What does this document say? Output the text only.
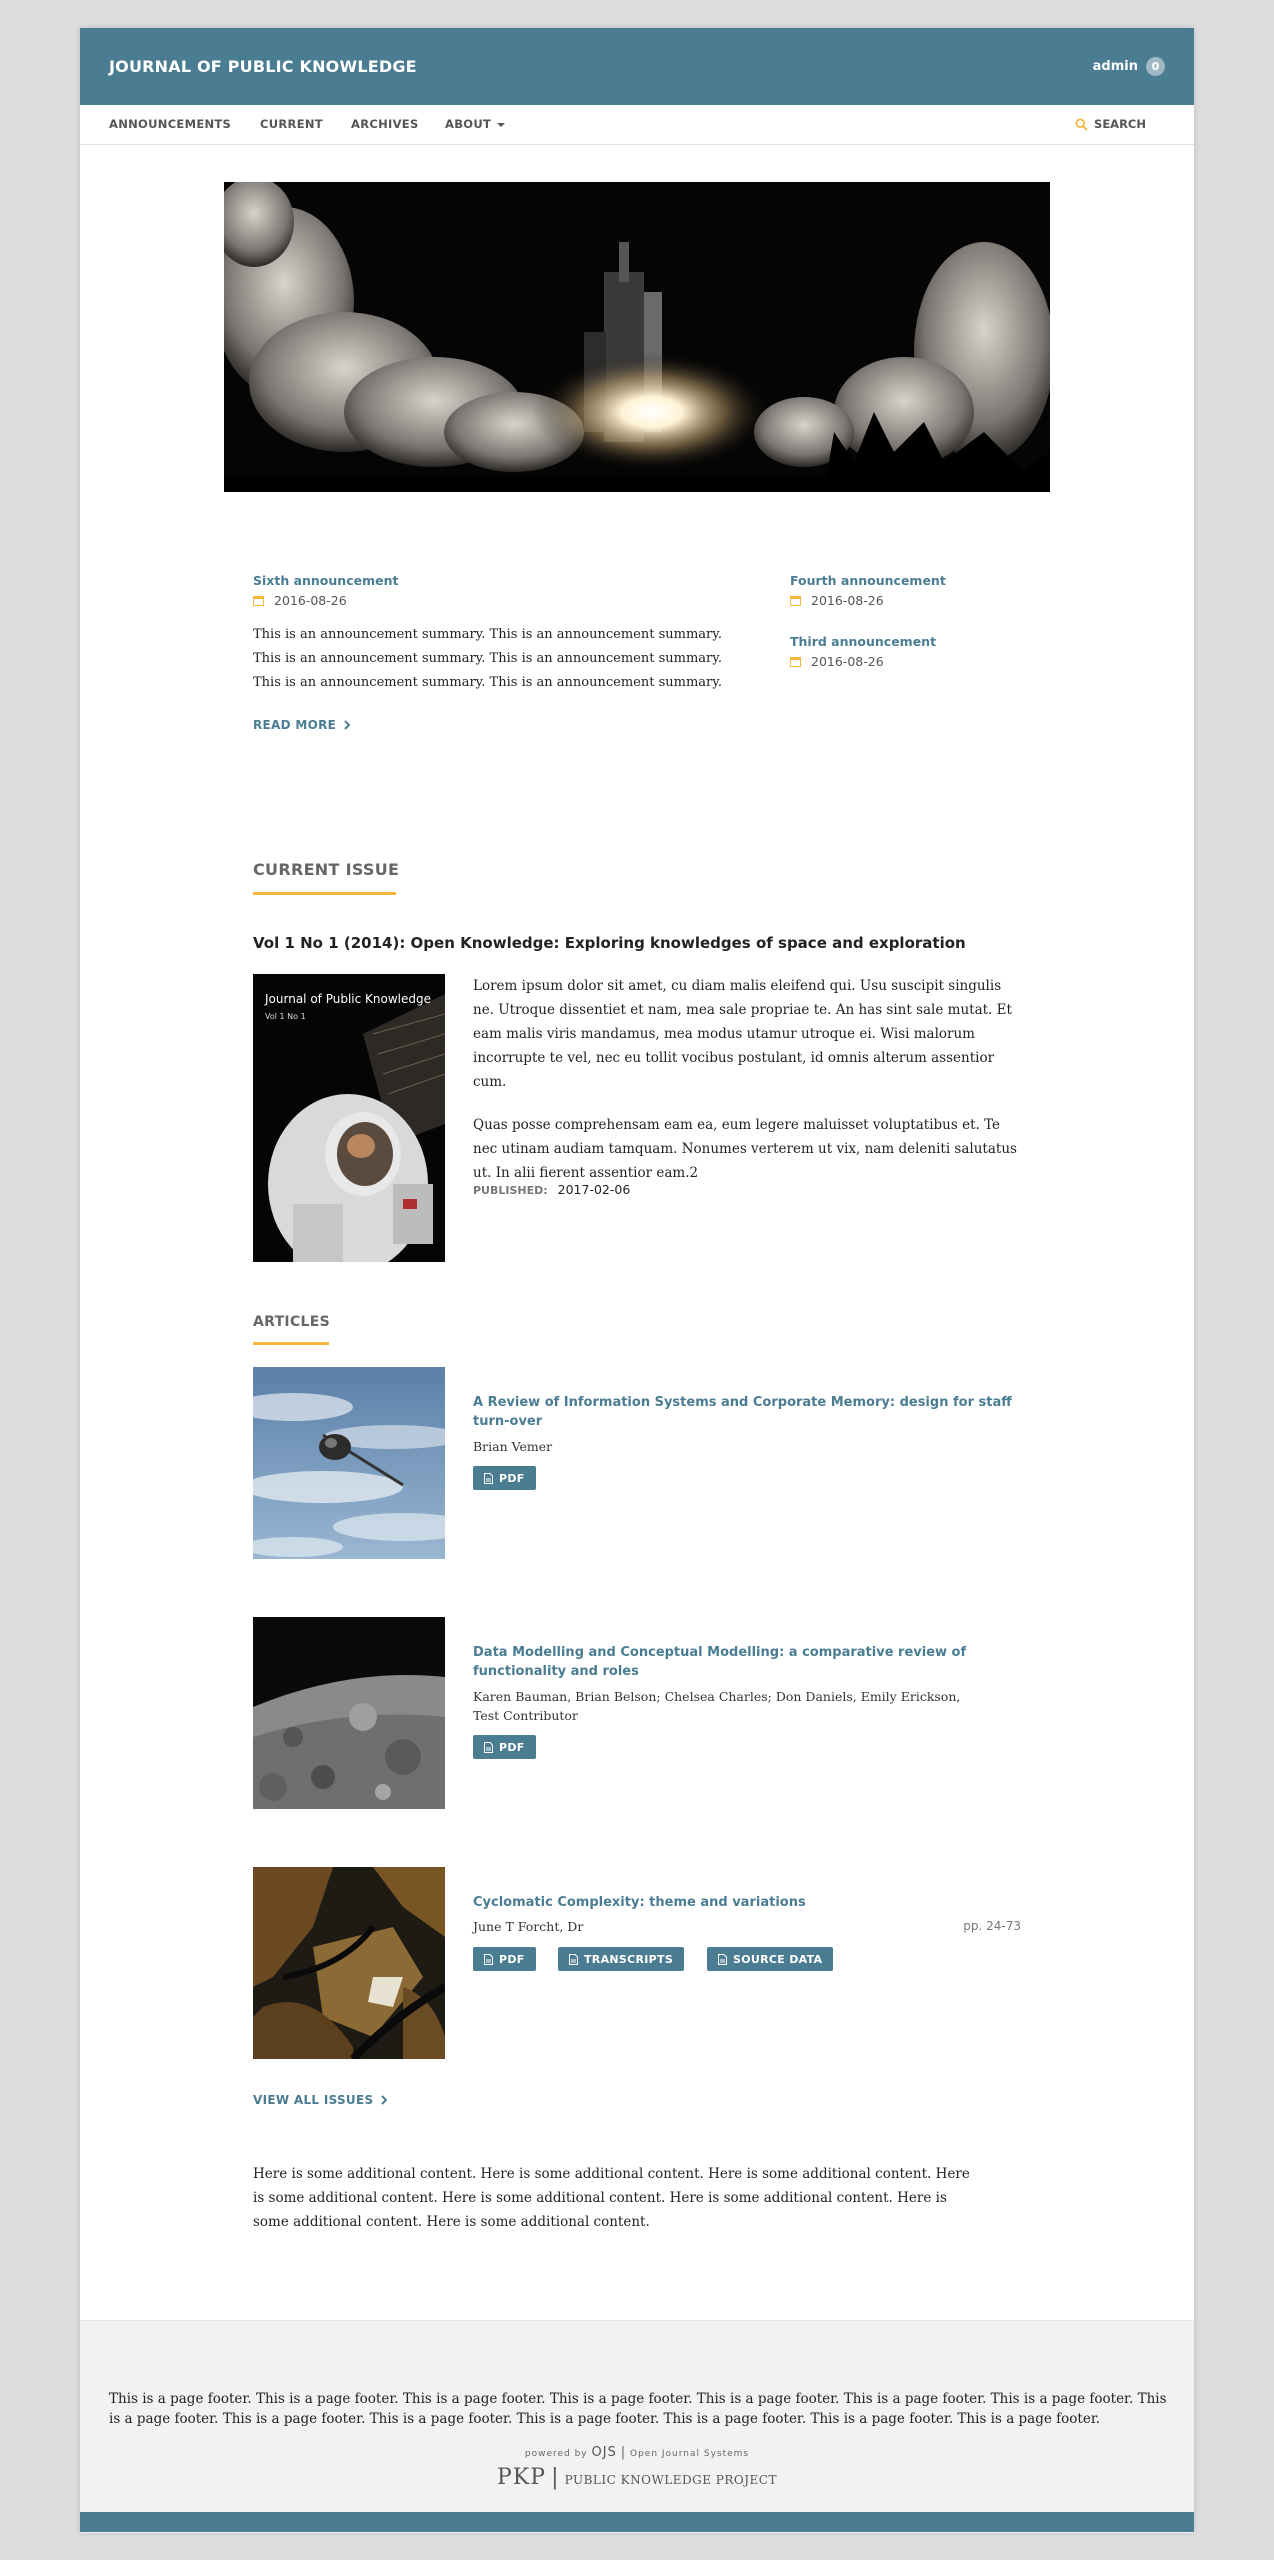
JOURNAL OF PUBLIC KNOWLEDGE	admin	0
ANNOUNCEMENTS	CURRENT ARCHIVES ABOUT	SEARCH
Sixth announcement
2016-08-26
This is an announcement summary. This is an announcement summary. This is an announcement summary. This is an announcement summary. This is an announcement summary. This is an announcement summary.
READ MORE
Fourth announcement
2016-08-26
Third announcement
2016-08-26
CURRENT ISSUE
Vol 1 No 1 (2014): Open Knowledge: Exploring knowledges of space and exploration
Journal of Public Knowledge
Vol 1 No 1

Lorem ipsum dolor sit amet, cu diam malis eleifend qui. Usu suscipit singulis ne. Utroque dissentiet et nam, mea sale propriae te. An has sint sale mutat. Et eam malis viris mandamus, mea modus utamur utroque ei. Wisi malorum incorrupte te vel, nec eu tollit vocibus postulant, id omnis alterum assentior cum.

Quas posse comprehensam eam ea, eum legere maluisset voluptatibus et. Te nec utinam audiam tamquam. Nonumes verterem ut vix, nam deleniti salutatus ut. In alii fierent assentior eam.2

PUBLISHED: 2017-02-06
ARTICLES
A Review of Information Systems and Corporate Memory: design for staff turn-over
Brian Vemer
PDF
Data Modelling and Conceptual Modelling: a comparative review of functionality and roles
Karen Bauman, Brian Belson; Chelsea Charles; Don Daniels, Emily Erickson, Test Contributor
PDF
Cyclomatic Complexity: theme and variations
June T Forcht, Dr	pp. 24-73
PDF	TRANSCRIPTS	SOURCE DATA
VIEW ALL ISSUES
Here is some additional content. Here is some additional content. Here is some additional content. Here is some additional content. Here is some additional content. Here is some additional content. Here is some additional content. Here is some additional content.
This is a page footer. This is a page footer. This is a page footer. This is a page footer. This is a page footer. This is a page footer. This is a page footer. This is a page footer. This is a page footer. This is a page footer. This is a page footer. This is a page footer. This is a page footer. This is a page footer.
powered by OJS | Open Journal Systems
PKP | PUBLIC KNOWLEDGE PROJECT
